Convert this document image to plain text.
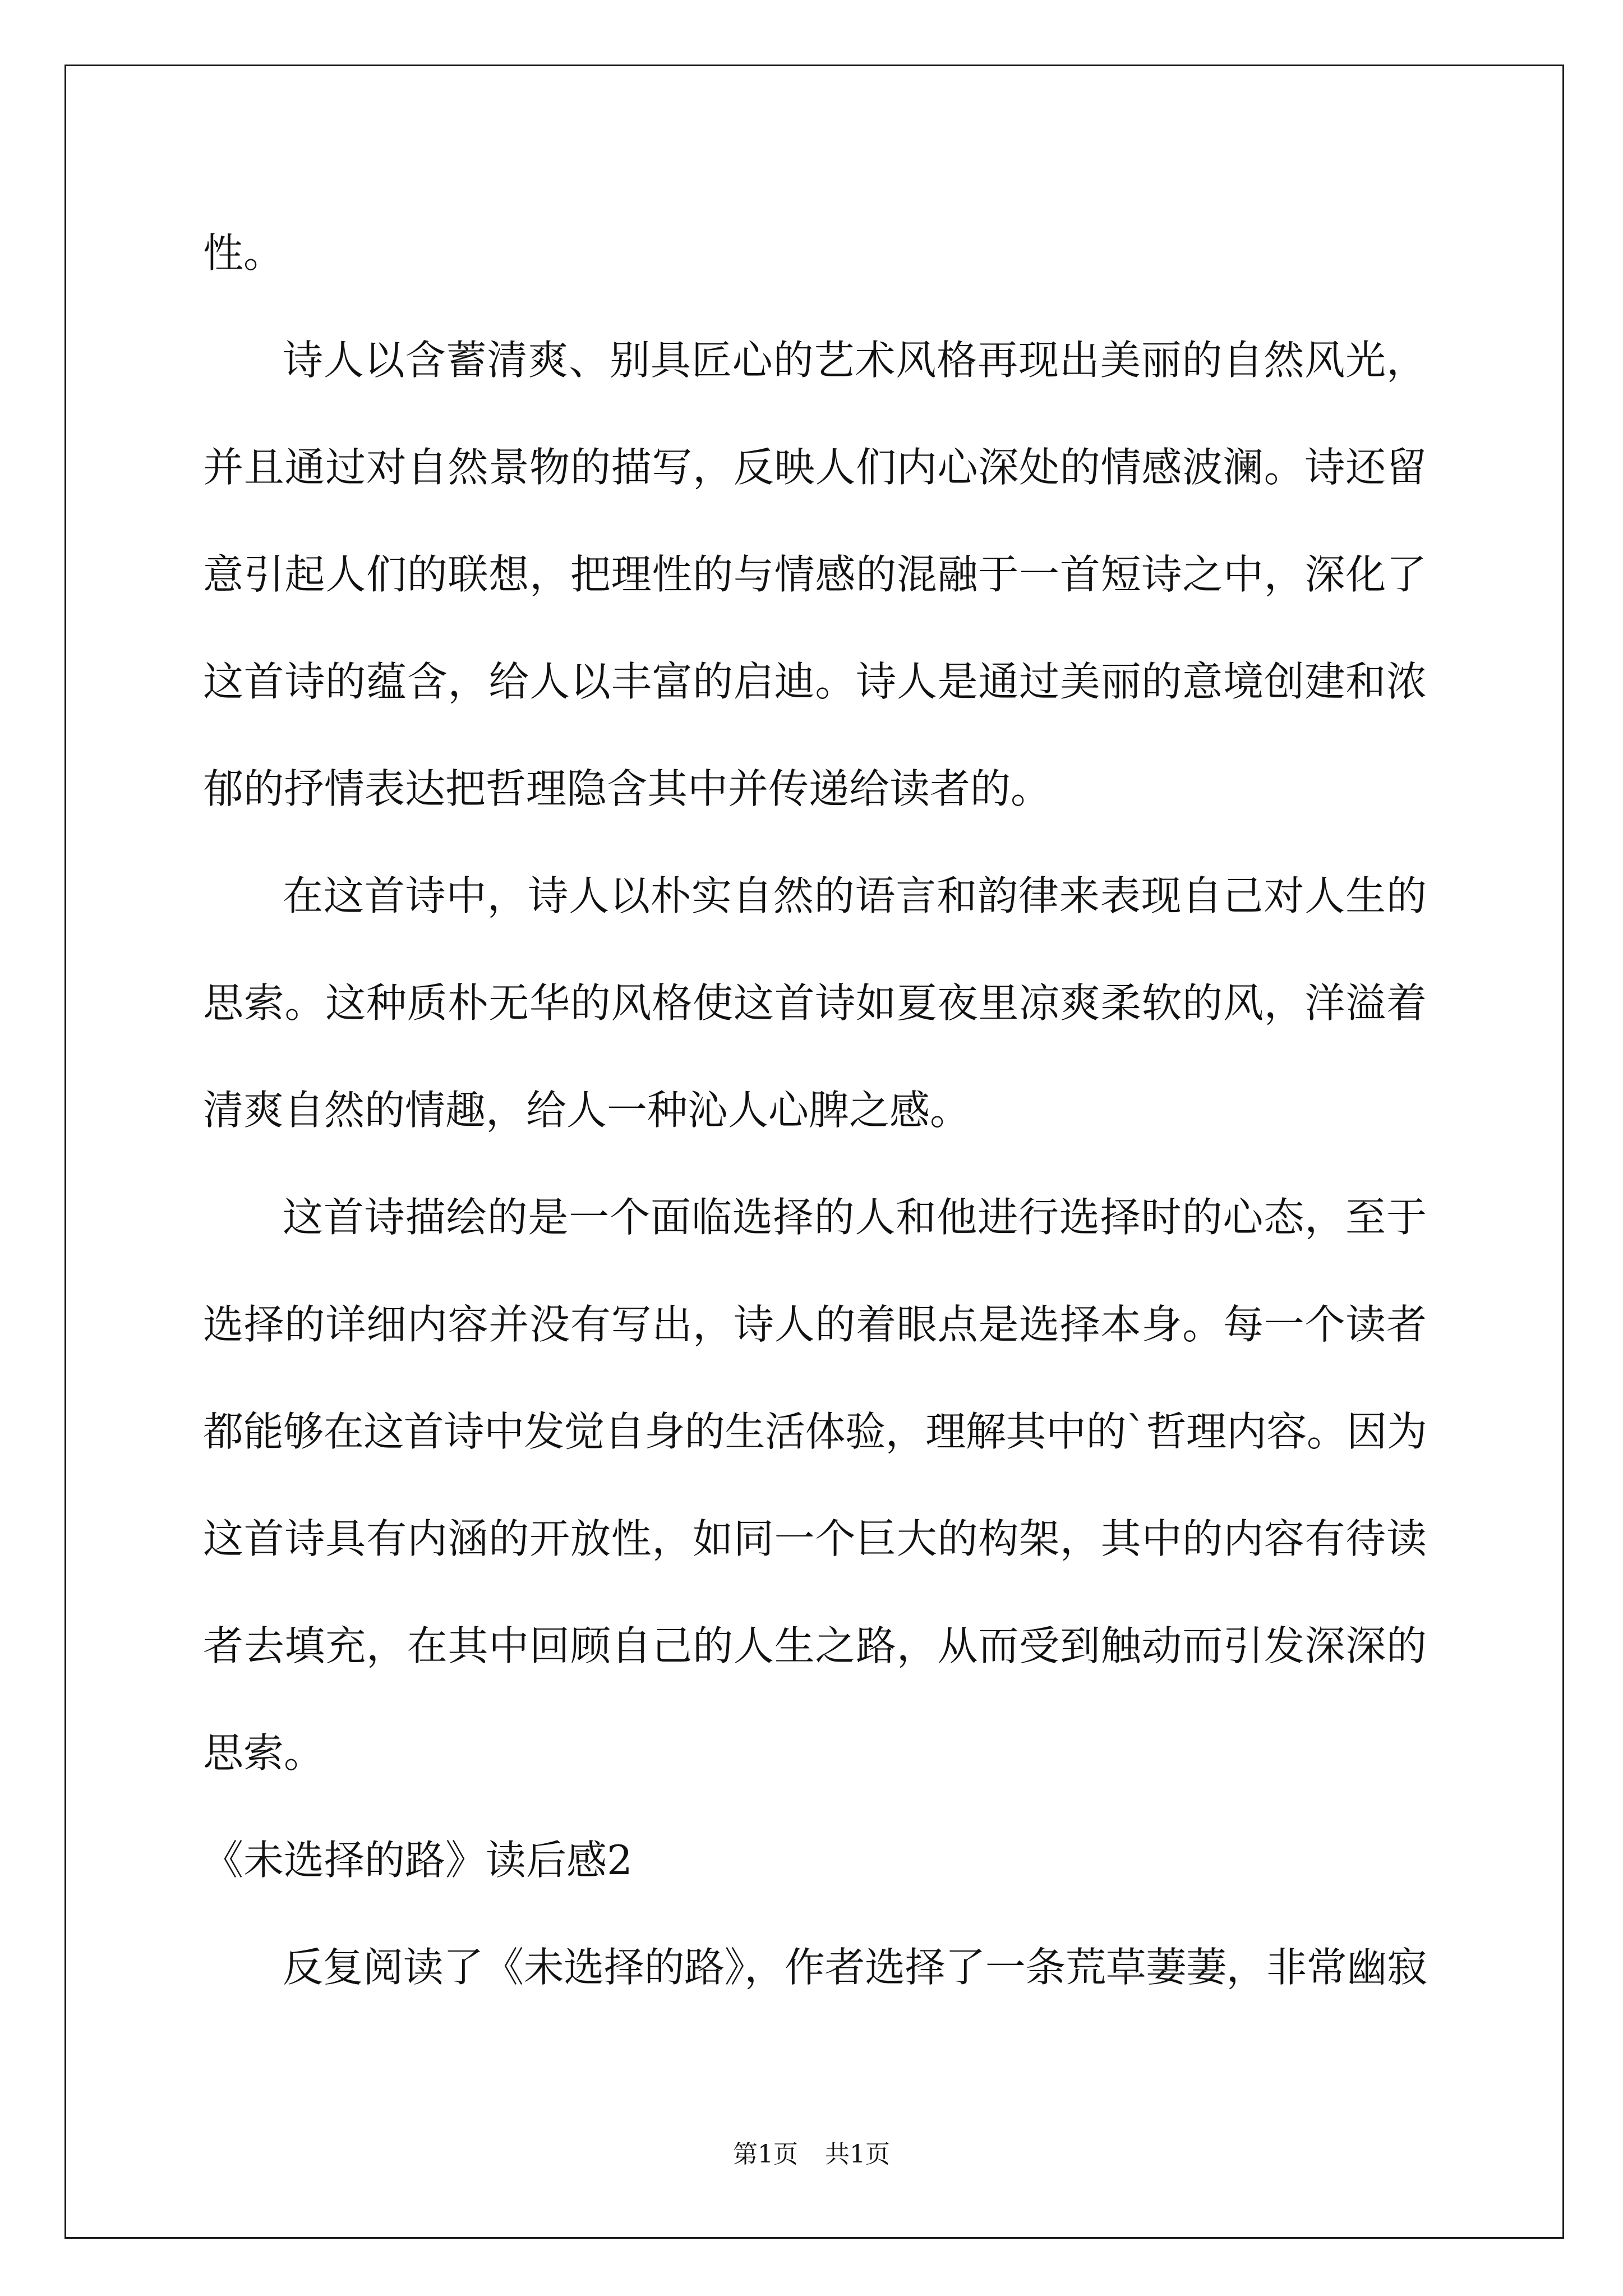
性。
诗人以含蓄清爽、别具匠心的艺术风格再现出美丽的自然风光，
并且通过对自然景物的描写，反映人们内心深处的情感波澜。诗还留
意引起人们的联想，把理性的与情感的混融于一首短诗之中，深化了
这首诗的蕴含，给人以丰富的启迪。诗人是通过美丽的意境创建和浓
郁的抒情表达把哲理隐含其中并传递给读者的。
在这首诗中，诗人以朴实自然的语言和韵律来表现自己对人生的
思索。这种质朴无华的风格使这首诗如夏夜里凉爽柔软的风，洋溢着
清爽自然的情趣，给人一种沁人心脾之感。
这首诗描绘的是一个面临选择的人和他进行选择时的心态，至于
选择的详细内容并没有写出，诗人的着眼点是选择本身。每一个读者
都能够在这首诗中发觉自身的生活体验，理解其中的`哲理内容。因为
这首诗具有内涵的开放性，如同一个巨大的构架，其中的内容有待读
者去填充，在其中回顾自己的人生之路，从而受到触动而引发深深的
思索。
《未选择的路》读后感2
反复阅读了《未选择的路》，作者选择了一条荒草萋萋，非常幽寂
第1页 共1页
